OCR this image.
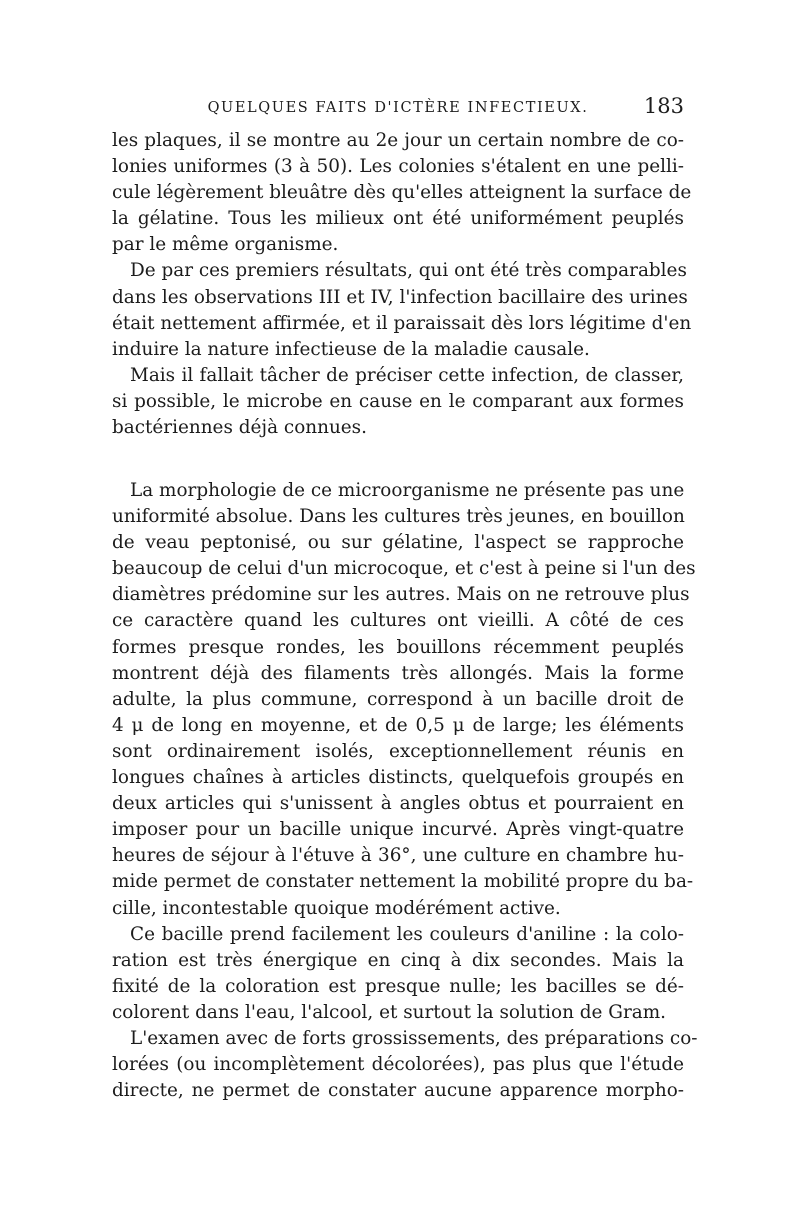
QUELQUES FAITS D'ICTÈRE INFECTIEUX.	183
les plaques, il se montre au 2e jour un certain nombre de co-
lonies uniformes (3 à 50). Les colonies s'étalent en une pelli-
cule légèrement bleuâtre dès qu'elles atteignent la surface de
la gélatine. Tous les milieux ont été uniformément peuplés
par le même organisme.
De par ces premiers résultats, qui ont été très comparables
dans les observations III et IV, l'infection bacillaire des urines
était nettement affirmée, et il paraissait dès lors légitime d'en
induire la nature infectieuse de la maladie causale.
Mais il fallait tâcher de préciser cette infection, de classer,
si possible, le microbe en cause en le comparant aux formes
bactériennes déjà connues.
La morphologie de ce microorganisme ne présente pas une
uniformité absolue. Dans les cultures très jeunes, en bouillon
de veau peptonisé, ou sur gélatine, l'aspect se rapproche
beaucoup de celui d'un microcoque, et c'est à peine si l'un des
diamètres prédomine sur les autres. Mais on ne retrouve plus
ce caractère quand les cultures ont vieilli. A côté de ces
formes presque rondes, les bouillons récemment peuplés
montrent déjà des filaments très allongés. Mais la forme
adulte, la plus commune, correspond à un bacille droit de
4 μ de long en moyenne, et de 0,5 μ de large; les éléments
sont ordinairement isolés, exceptionnellement réunis en
longues chaînes à articles distincts, quelquefois groupés en
deux articles qui s'unissent à angles obtus et pourraient en
imposer pour un bacille unique incurvé. Après vingt-quatre
heures de séjour à l'étuve à 36°, une culture en chambre hu-
mide permet de constater nettement la mobilité propre du ba-
cille, incontestable quoique modérément active.
Ce bacille prend facilement les couleurs d'aniline : la colo-
ration est très énergique en cinq à dix secondes. Mais la
fixité de la coloration est presque nulle; les bacilles se dé-
colorent dans l'eau, l'alcool, et surtout la solution de Gram.
L'examen avec de forts grossissements, des préparations co-
lorées (ou incomplètement décolorées), pas plus que l'étude
directe, ne permet de constater aucune apparence morpho-
